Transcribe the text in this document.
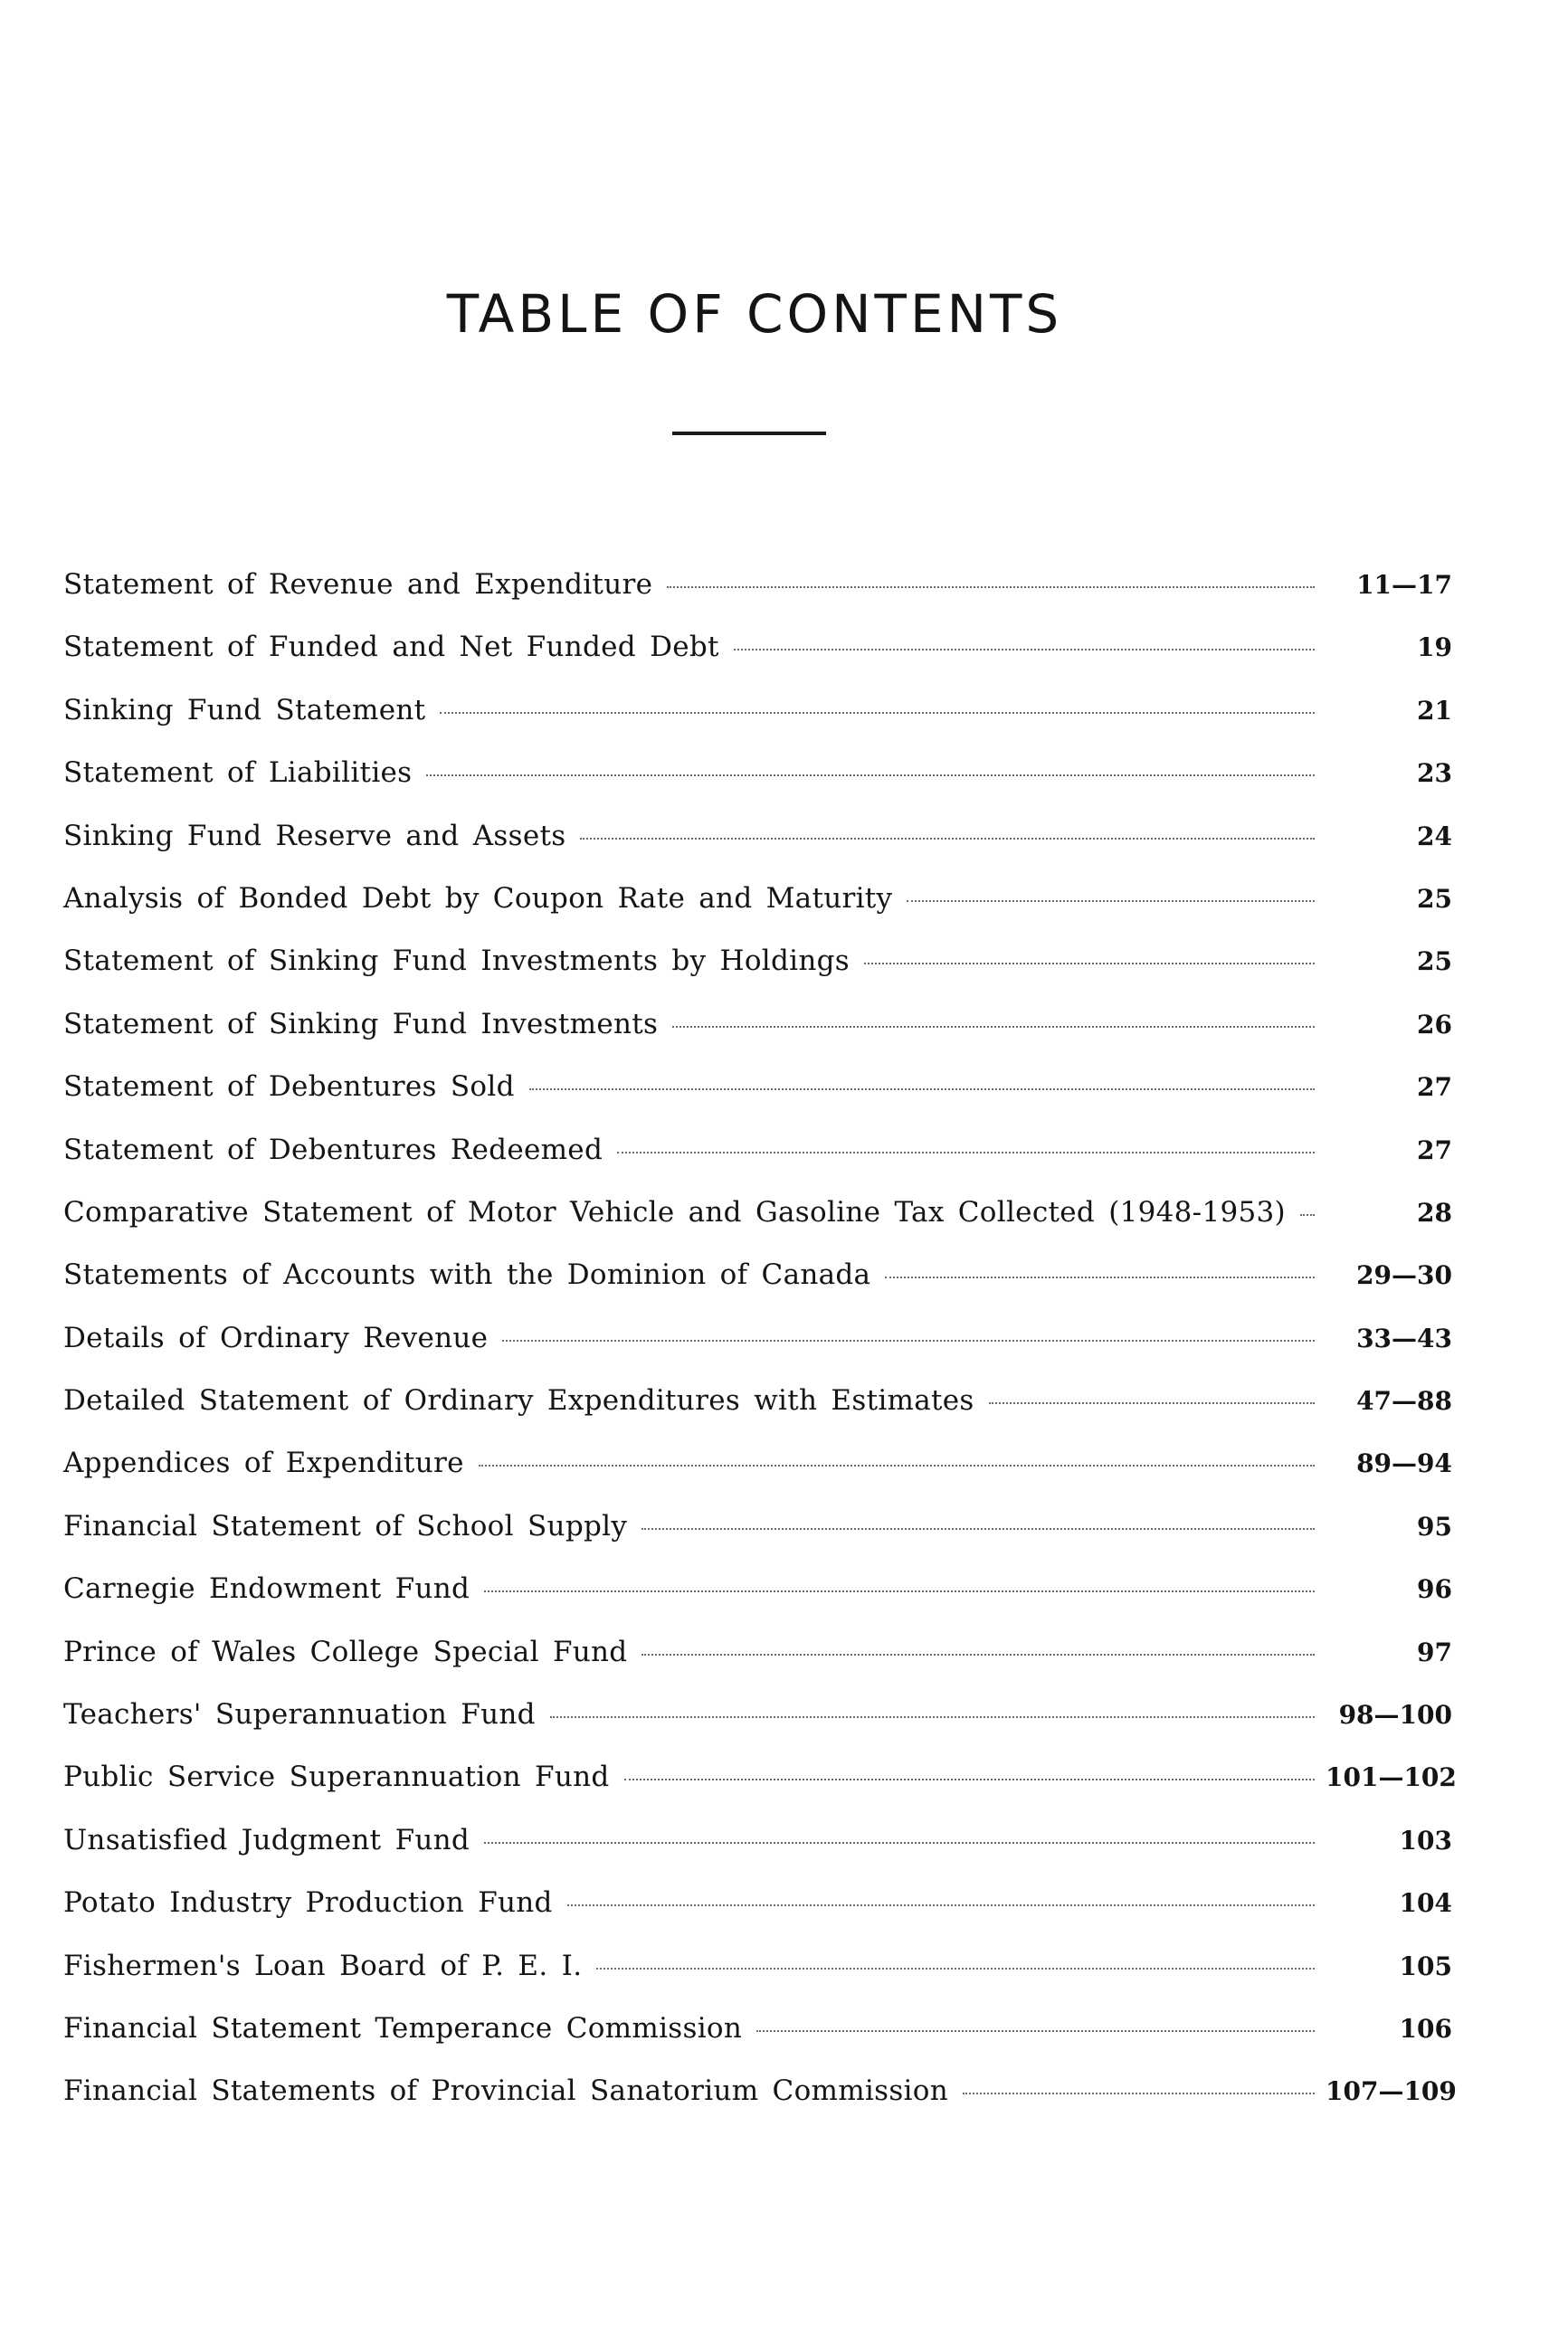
TABLE OF CONTENTS
Statement of Revenue and Expenditure	11—17
Statement of Funded and Net Funded Debt	19
Sinking Fund Statement	21
Statement of Liabilities	23
Sinking Fund Reserve and Assets	24
Analysis of Bonded Debt by Coupon Rate and Maturity	25
Statement of Sinking Fund Investments by Holdings	25
Statement of Sinking Fund Investments	26
Statement of Debentures Sold	27
Statement of Debentures Redeemed	27
Comparative Statement of Motor Vehicle and Gasoline Tax Collected (1948-1953)	28
Statements of Accounts with the Dominion of Canada	29—30
Details of Ordinary Revenue	33—43
Detailed Statement of Ordinary Expenditures with Estimates	47—88
Appendices of Expenditure	89—94
Financial Statement of School Supply	95
Carnegie Endowment Fund	96
Prince of Wales College Special Fund	97
Teachers' Superannuation Fund	98—100
Public Service Superannuation Fund	101—102
Unsatisfied Judgment Fund	103
Potato Industry Production Fund	104
Fishermen's Loan Board of P. E. I.	105
Financial Statement Temperance Commission	106
Financial Statements of Provincial Sanatorium Commission	107—109
